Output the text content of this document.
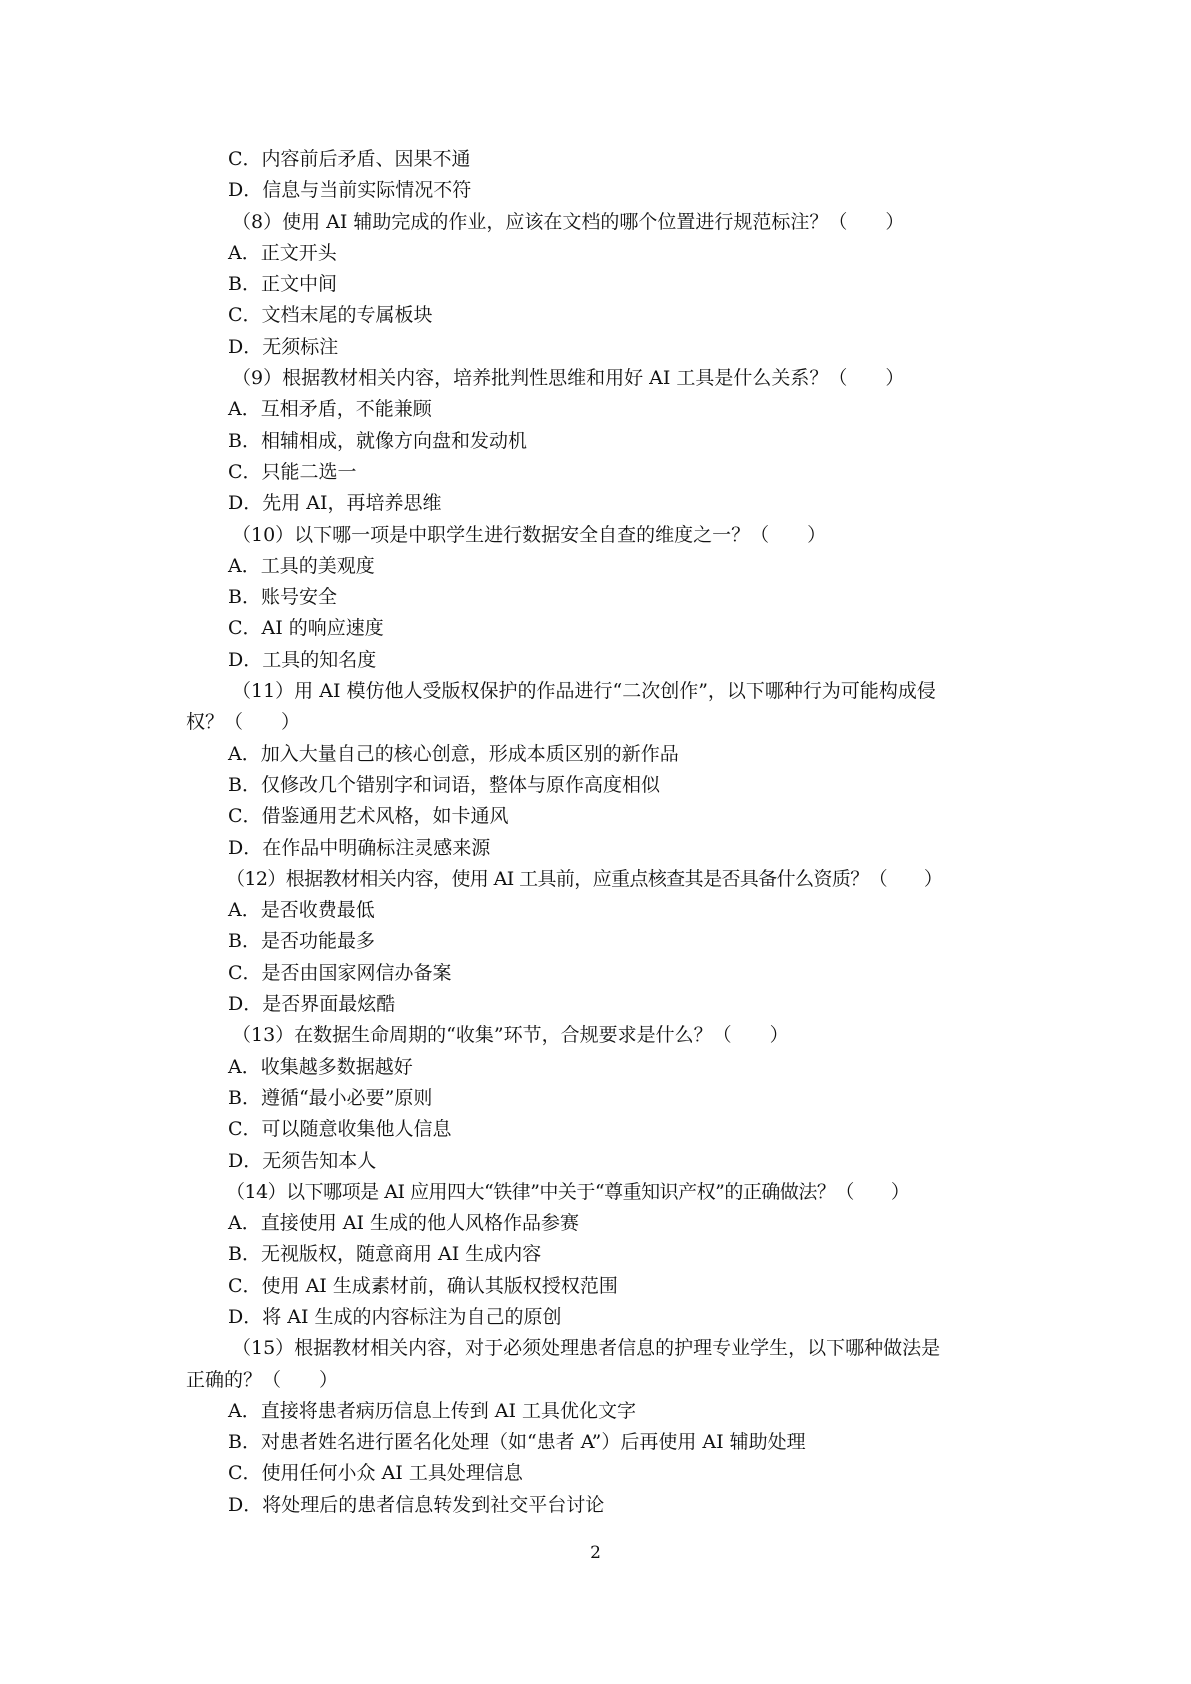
C．内容前后矛盾、因果不通
D．信息与当前实际情况不符
（8）使用 AI 辅助完成的作业，应该在文档的哪个位置进行规范标注？（　　）
A．正文开头
B．正文中间
C．文档末尾的专属板块
D．无须标注
（9）根据教材相关内容，培养批判性思维和用好 AI 工具是什么关系？（　　）
A．互相矛盾，不能兼顾
B．相辅相成，就像方向盘和发动机
C．只能二选一
D．先用 AI，再培养思维
（10）以下哪一项是中职学生进行数据安全自查的维度之一？（　　）
A．工具的美观度
B．账号安全
C．AI 的响应速度
D．工具的知名度
（11）用 AI 模仿他人受版权保护的作品进行“二次创作”，以下哪种行为可能构成侵
权？（　　）
A．加入大量自己的核心创意，形成本质区别的新作品
B．仅修改几个错别字和词语，整体与原作高度相似
C．借鉴通用艺术风格，如卡通风
D．在作品中明确标注灵感来源
（12）根据教材相关内容，使用 AI 工具前，应重点核查其是否具备什么资质？（　　）
A．是否收费最低
B．是否功能最多
C．是否由国家网信办备案
D．是否界面最炫酷
（13）在数据生命周期的“收集”环节，合规要求是什么？（　　）
A．收集越多数据越好
B．遵循“最小必要”原则
C．可以随意收集他人信息
D．无须告知本人
（14）以下哪项是 AI 应用四大“铁律”中关于“尊重知识产权”的正确做法？（　　）
A．直接使用 AI 生成的他人风格作品参赛
B．无视版权，随意商用 AI 生成内容
C．使用 AI 生成素材前，确认其版权授权范围
D．将 AI 生成的内容标注为自己的原创
（15）根据教材相关内容，对于必须处理患者信息的护理专业学生，以下哪种做法是
正确的？（　　）
A．直接将患者病历信息上传到 AI 工具优化文字
B．对患者姓名进行匿名化处理（如“患者 A”）后再使用 AI 辅助处理
C．使用任何小众 AI 工具处理信息
D．将处理后的患者信息转发到社交平台讨论
2
